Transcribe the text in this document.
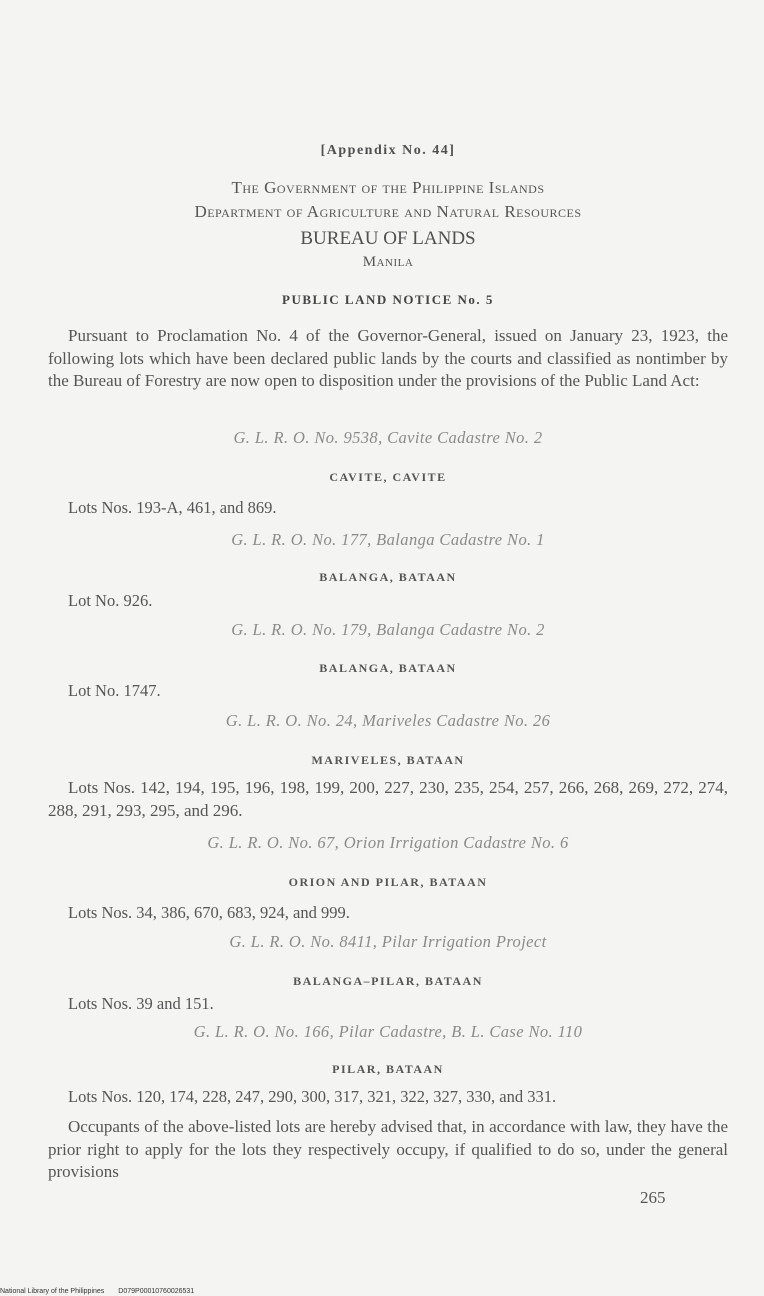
[Appendix No. 44]
The Government of the Philippine Islands
Department of Agriculture and Natural Resources
BUREAU OF LANDS
Manila
PUBLIC LAND NOTICE No. 5
Pursuant to Proclamation No. 4 of the Governor-General, issued on January 23, 1923, the following lots which have been declared public lands by the courts and classified as nontimber by the Bureau of Forestry are now open to disposition under the provisions of the Public Land Act:
G. L. R. O. No. 9538, Cavite Cadastre No. 2
CAVITE, CAVITE
Lots Nos. 193-A, 461, and 869.
G. L. R. O. No. 177, Balanga Cadastre No. 1
BALANGA, BATAAN
Lot No. 926.
G. L. R. O. No. 179, Balanga Cadastre No. 2
BALANGA, BATAAN
Lot No. 1747.
G. L. R. O. No. 24, Mariveles Cadastre No. 26
MARIVELES, BATAAN
Lots Nos. 142, 194, 195, 196, 198, 199, 200, 227, 230, 235, 254, 257, 266, 268, 269, 272, 274, 288, 291, 293, 295, and 296.
G. L. R. O. No. 67, Orion Irrigation Cadastre No. 6
ORION AND PILAR, BATAAN
Lots Nos. 34, 386, 670, 683, 924, and 999.
G. L. R. O. No. 8411, Pilar Irrigation Project
BALANGA–PILAR, BATAAN
Lots Nos. 39 and 151.
G. L. R. O. No. 166, Pilar Cadastre, B. L. Case No. 110
PILAR, BATAAN
Lots Nos. 120, 174, 228, 247, 290, 300, 317, 321, 322, 327, 330, and 331.
Occupants of the above-listed lots are hereby advised that, in accordance with law, they have the prior right to apply for the lots they respectively occupy, if qualified to do so, under the general provisions
265
National Library of the Philippines D079P00010760026531
